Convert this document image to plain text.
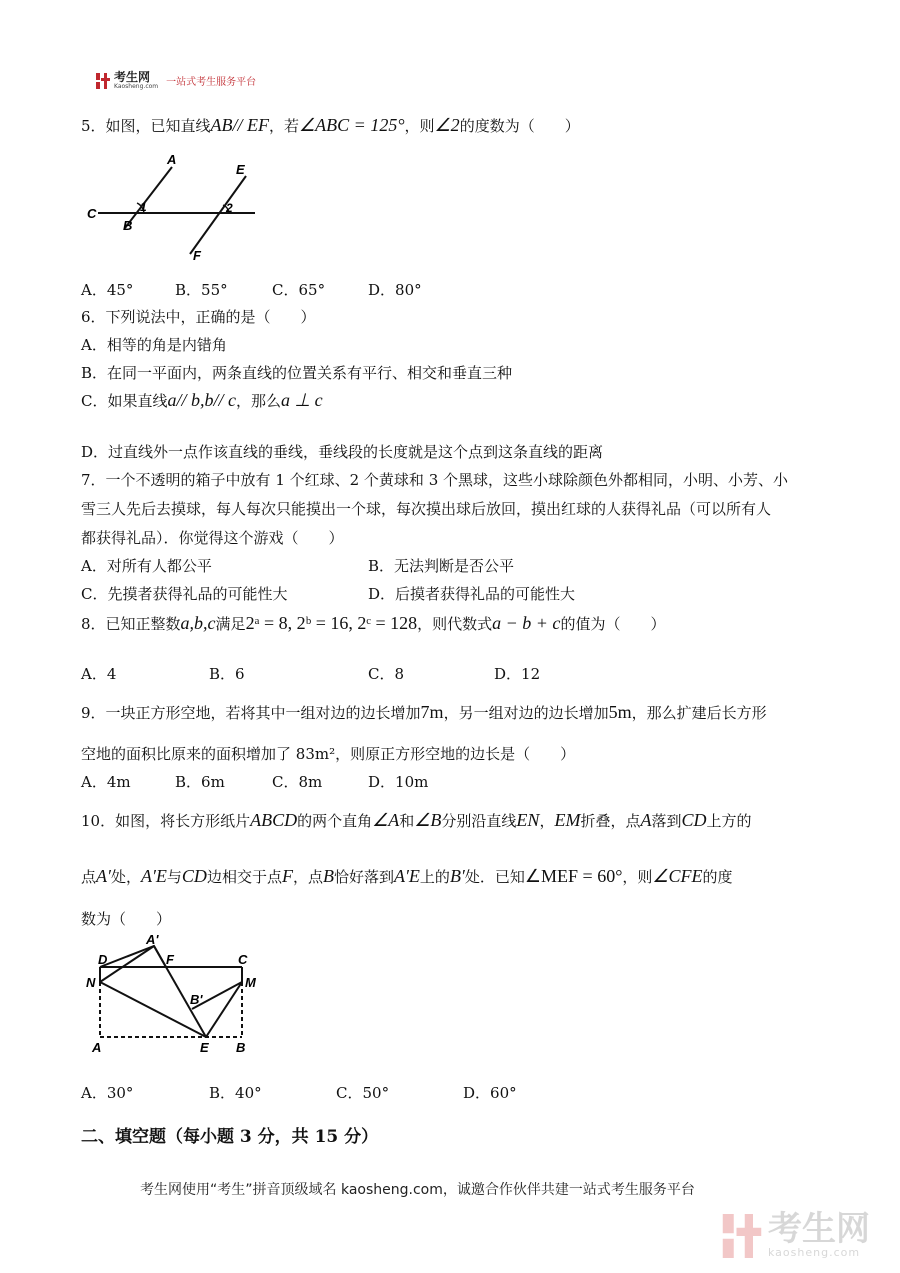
考生网
Kaosheng.com 一站式考生服务平台
5．如图，已知直线AB// EF，若∠ABC = 125°，则∠2的度数为（　　）
A
E
C
B
1	2
F
A．45°	B．55°	C．65°	D．80°
6．下列说法中，正确的是（　　）
A．相等的角是内错角
B．在同一平面内，两条直线的位置关系有平行、相交和垂直三种
C．如果直线a// b,b// c，那么a ⊥ c
D．过直线外一点作该直线的垂线，垂线段的长度就是这个点到这条直线的距离
7．一个不透明的箱子中放有 1 个红球、2 个黄球和 3 个黑球，这些小球除颜色外都相同，小明、小芳、小
雪三人先后去摸球，每人每次只能摸出一个球，每次摸出球后放回，摸出红球的人获得礼品（可以所有人
都获得礼品）．你觉得这个游戏（　　）
A．对所有人都公平	B．无法判断是否公平
C．先摸者获得礼品的可能性大	D．后摸者获得礼品的可能性大
8．已知正整数a,b,c满足2ᵃ = 8, 2ᵇ = 16, 2ᶜ = 128，则代数式a − b + c的值为（　　）
A．4	B．6	C．8	D．12
9．一块正方形空地，若将其中一组对边的边长增加7m，另一组对边的边长增加5m，那么扩建后长方形
空地的面积比原来的面积增加了 83m²，则原正方形空地的边长是（　　）
A．4m	B．6m	C．8m	D．10m
10．如图，将长方形纸片ABCD的两个直角∠A和∠B分别沿直线EN，EM折叠，点A落到CD上方的
点A′处，A′E与CD边相交于点F，点B恰好落到A′E上的B′处．已知∠MEF = 60°，则∠CFE的度
数为（　　）
D
A'
F	C
N	M
B'
A	E B
A．30°	B．40°	C．50°	D．60°
二、填空题（每小题 3 分，共 15 分）
考生网使用“考生”拼音顶级域名 kaosheng.com，诚邀合作伙伴共建一站式考生服务平台
考生网
kaosheng.com
